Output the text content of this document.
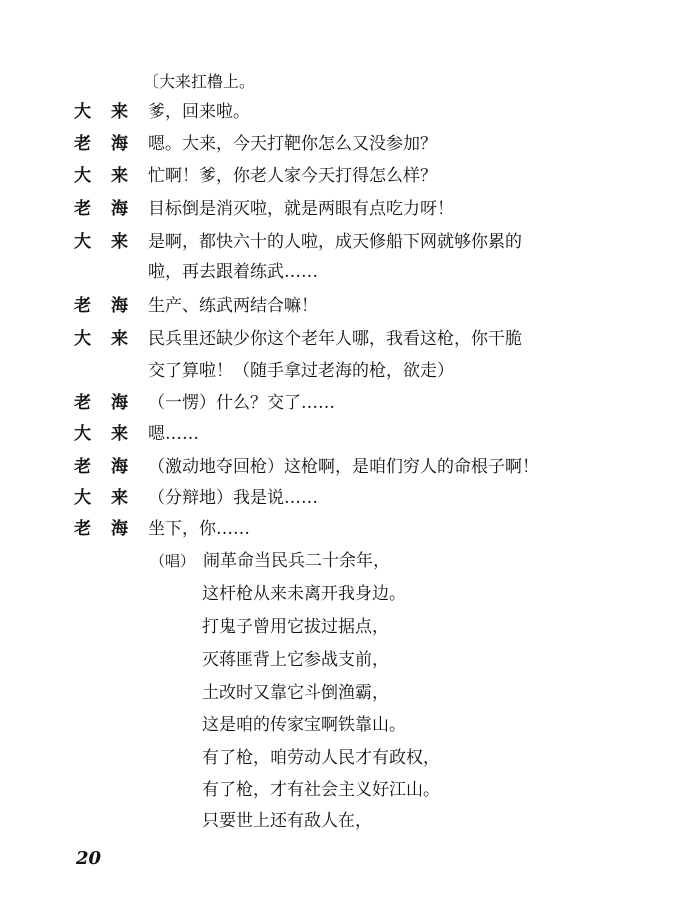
〔大来扛橹上。
大来 爹，回来啦。
老海 嗯。大来，今天打靶你怎么又没参加？
大来 忙啊！爹，你老人家今天打得怎么样？
老海 目标倒是消灭啦，就是两眼有点吃力呀！
大来 是啊，都快六十的人啦，成天修船下网就够你累的
啦，再去跟着练武……
老海 生产、练武两结合嘛！
大来 民兵里还缺少你这个老年人哪，我看这枪，你干脆
交了算啦！（随手拿过老海的枪，欲走）
老海 （一愣）什么？交了……
大来 嗯……
老海 （激动地夺回枪）这枪啊，是咱们穷人的命根子啊！
大来 （分辩地）我是说……
老海 坐下，你……
（唱） 闹革命当民兵二十余年，
这杆枪从来未离开我身边。
打鬼子曾用它拔过据点，
灭蒋匪背上它参战支前，
土改时又靠它斗倒渔霸，
这是咱的传家宝啊铁靠山。
有了枪，咱劳动人民才有政权，
有了枪，才有社会主义好江山。
只要世上还有敌人在，
20
